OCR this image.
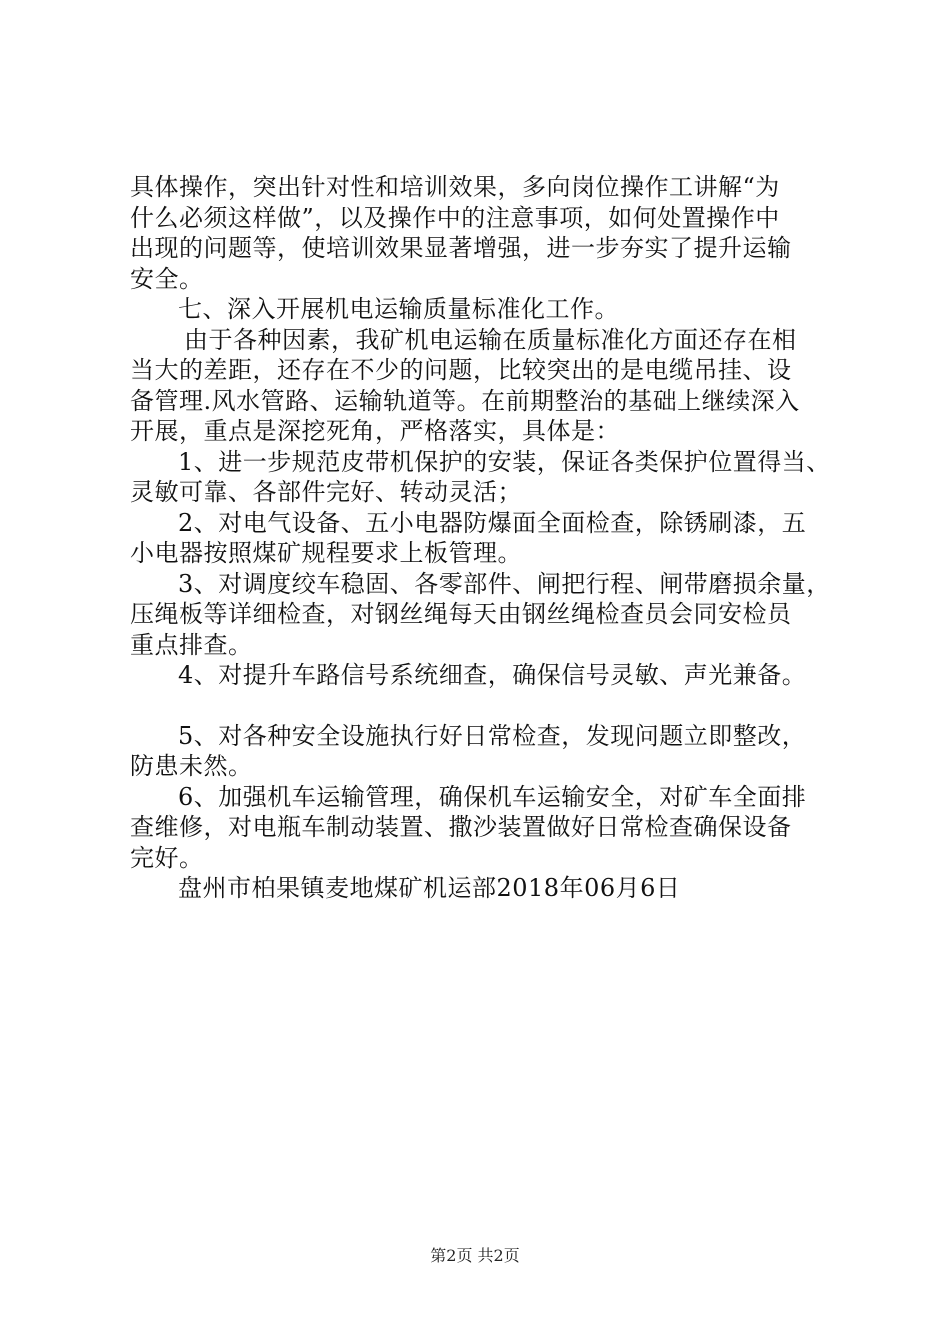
具体操作，突出针对性和培训效果，多向岗位操作工讲解“为
什么必须这样做”，以及操作中的注意事项，如何处置操作中
出现的问题等，使培训效果显著增强，进一步夯实了提升运输
安全。
七、深入开展机电运输质量标准化工作。
由于各种因素，我矿机电运输在质量标准化方面还存在相
当大的差距，还存在不少的问题，比较突出的是电缆吊挂、设
备管理.风水管路、运输轨道等。在前期整治的基础上继续深入
开展，重点是深挖死角，严格落实，具体是：
1、进一步规范皮带机保护的安装，保证各类保护位置得当、
灵敏可靠、各部件完好、转动灵活；
2、对电气设备、五小电器防爆面全面检查，除锈刷漆，五
小电器按照煤矿规程要求上板管理。
3、对调度绞车稳固、各零部件、闸把行程、闸带磨损余量，
压绳板等详细检查，对钢丝绳每天由钢丝绳检查员会同安检员
重点排查。
4、对提升车路信号系统细查，确保信号灵敏、声光兼备。
5、对各种安全设施执行好日常检查，发现问题立即整改，
防患未然。
6、加强机车运输管理，确保机车运输安全，对矿车全面排
查维修，对电瓶车制动装置、撒沙装置做好日常检查确保设备
完好。
盘州市柏果镇麦地煤矿机运部2018年06月6日
第2页 共2页
